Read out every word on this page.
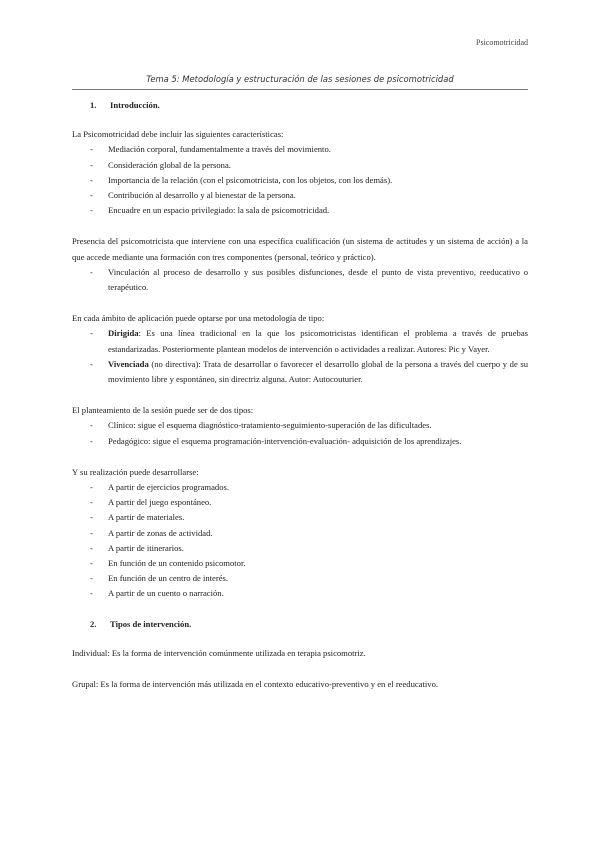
Psicomotricidad
Tema 5: Metodología y estructuración de las sesiones de psicomotricidad
1. Introducción.

La Psicomotricidad debe incluir las siguientes características:

- Mediación corporal, fundamentalmente a través del movimiento.
- Consideración global de la persona.
- Importancia de la relación (con el psicomotricista, con los objetos, con los demás).
- Contribución al desarrollo y al bienestar de la persona.
- Encuadre en un espacio privilegiado: la sala de psicomotricidad.

Presencia del psicomotricista que interviene con una específica cualificación (un sistema de actitudes y un sistema de acción) a la que accede mediante una formación con tres componentes (personal, teórico y práctico).

- Vinculación al proceso de desarrollo y sus posibles disfunciones, desde el punto de vista preventivo, reeducativo o terapéutico.

En cada ámbito de aplicación puede optarse por una metodología de tipo:

- Dirigida: Es una línea tradicional en la que los psicomotricistas identifican el problema a través de pruebas estandarizadas. Posteriormente plantean modelos de intervención o actividades a realizar. Autores: Pic y Vayer.
- Vivenciada (no directiva): Trata de desarrollar o favorecer el desarrollo global de la persona a través del cuerpo y de su movimiento libre y espontáneo, sin directriz alguna. Autor: Autocouturier.

El planteamiento de la sesión puede ser de dos tipos:

- Clínico: sigue el esquema diagnóstico-tratamiento-seguimiento-superación de las dificultades.
- Pedagógico: sigue el esquema programación-intervención-evaluación- adquisición de los aprendizajes.

Y su realización puede desarrollarse:

- A partir de ejercicios programados.
- A partir del juego espontáneo.
- A partir de materiales.
- A partir de zonas de actividad.
- A partir de itinerarios.
- En función de un contenido psicomotor.
- En función de un centro de interés.
- A partir de un cuento o narración.
2. Tipos de intervención.

Individual: Es la forma de intervención comúnmente utilizada en terapia psicomotriz.

Grupal: Es la forma de intervención más utilizada en el contexto educativo-preventivo y en el reeducativo.
